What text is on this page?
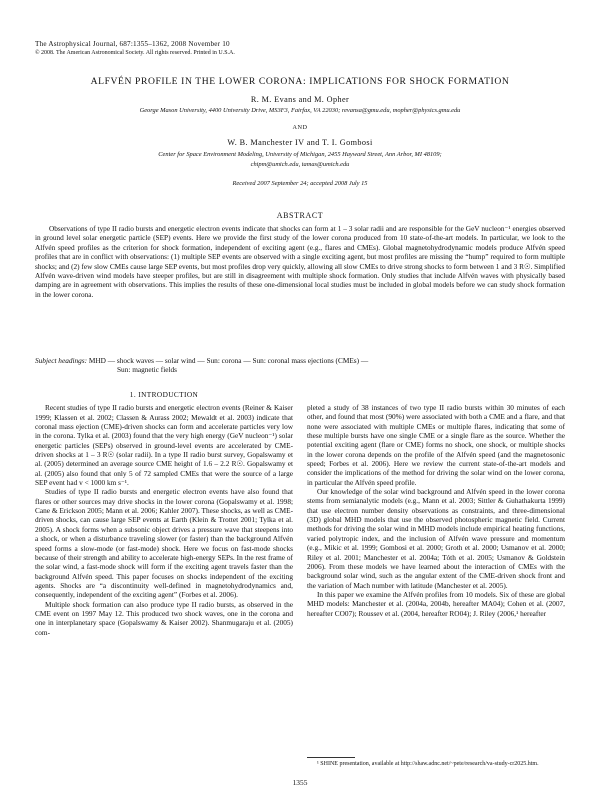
The Astrophysical Journal, 687:1355–1362, 2008 November 10
© 2008. The American Astronomical Society. All rights reserved. Printed in U.S.A.
ALFVÉN PROFILE IN THE LOWER CORONA: IMPLICATIONS FOR SHOCK FORMATION
R. M. Evans and M. Opher
George Mason University, 4400 University Drive, MS3F3, Fairfax, VA 22030; revansa@gmu.edu, mopher@physics.gmu.edu
AND
W. B. Manchester IV and T. I. Gombosi
Center for Space Environment Modeling, University of Michigan, 2455 Hayward Street, Ann Arbor, MI 48109;
chipm@umich.edu, tamas@umich.edu
Received 2007 September 24; accepted 2008 July 15
ABSTRACT
Observations of type II radio bursts and energetic electron events indicate that shocks can form at 1 – 3 solar radii and are responsible for the GeV nucleon⁻¹ energies observed in ground level solar energetic particle (SEP) events. Here we provide the first study of the lower corona produced from 10 state-of-the-art models. In particular, we look to the Alfvén speed profiles as the criterion for shock formation, independent of exciting agent (e.g., flares and CMEs). Global magnetohydrodynamic models produce Alfvén speed profiles that are in conflict with observations: (1) multiple SEP events are observed with a single exciting agent, but most profiles are missing the “hump” required to form multiple shocks; and (2) few slow CMEs cause large SEP events, but most profiles drop very quickly, allowing all slow CMEs to drive strong shocks to form between 1 and 3 R☉. Simplified Alfvén wave-driven wind models have steeper profiles, but are still in disagreement with multiple shock formation. Only studies that include Alfvén waves with physically based damping are in agreement with observations. This implies the results of these one-dimensional local studies must be included in global models before we can study shock formation in the lower corona.
Subject headings: MHD — shock waves — solar wind — Sun: corona — Sun: coronal mass ejections (CMEs) —
Sun: magnetic fields
1. INTRODUCTION

Recent studies of type II radio bursts and energetic electron events (Reiner & Kaiser 1999; Klassen et al. 2002; Classen & Aurass 2002; Mewaldt et al. 2003) indicate that coronal mass ejection (CME)-driven shocks can form and accelerate particles very low in the corona. Tylka et al. (2003) found that the very high energy (GeV nucleon⁻¹) solar energetic particles (SEPs) observed in ground-level events are accelerated by CME-driven shocks at 1 – 3 R☉ (solar radii). In a type II radio burst survey, Gopalswamy et al. (2005) determined an average source CME height of 1.6 – 2.2 R☉. Gopalswamy et al. (2005) also found that only 5 of 72 sampled CMEs that were the source of a large SEP event had v < 1000 km s⁻¹.

Studies of type II radio bursts and energetic electron events have also found that flares or other sources may drive shocks in the lower corona (Gopalswamy et al. 1998; Cane & Erickson 2005; Mann et al. 2006; Kahler 2007). These shocks, as well as CME-driven shocks, can cause large SEP events at Earth (Klein & Trottet 2001; Tylka et al. 2005). A shock forms when a subsonic object drives a pressure wave that steepens into a shock, or when a disturbance traveling slower (or faster) than the background Alfvén speed forms a slow-mode (or fast-mode) shock. Here we focus on fast-mode shocks because of their strength and ability to accelerate high-energy SEPs. In the rest frame of the solar wind, a fast-mode shock will form if the exciting agent travels faster than the background Alfvén speed. This paper focuses on shocks independent of the exciting agents. Shocks are “a discontinuity well-defined in magnetohydrodynamics and, consequently, independent of the exciting agent” (Forbes et al. 2006).

Multiple shock formation can also produce type II radio bursts, as observed in the CME event on 1997 May 12. This produced two shock waves, one in the corona and one in interplanetary space (Gopalswamy & Kaiser 2002). Shanmugaraju et al. (2005) com-

pleted a study of 38 instances of two type II radio bursts within 30 minutes of each other, and found that most (90%) were associated with both a CME and a flare, and that none were associated with multiple CMEs or multiple flares, indicating that some of these multiple bursts have one single CME or a single flare as the source. Whether the potential exciting agent (flare or CME) forms no shock, one shock, or multiple shocks in the lower corona depends on the profile of the Alfvén speed (and the magnetosonic speed; Forbes et al. 2006). Here we review the current state-of-the-art models and consider the implications of the method for driving the solar wind on the lower corona, in particular the Alfvén speed profile.

Our knowledge of the solar wind background and Alfvén speed in the lower corona stems from semianalytic models (e.g., Mann et al. 2003; Sittler & Guhathakurta 1999) that use electron number density observations as constraints, and three-dimensional (3D) global MHD models that use the observed photospheric magnetic field. Current methods for driving the solar wind in MHD models include empirical heating functions, varied polytropic index, and the inclusion of Alfvén wave pressure and momentum (e.g., Mikic et al. 1999; Gombosi et al. 2000; Groth et al. 2000; Usmanov et al. 2000; Riley et al. 2001; Manchester et al. 2004a; Tóth et al. 2005; Usmanov & Goldstein 2006). From these models we have learned about the interaction of CMEs with the background solar wind, such as the angular extent of the CME-driven shock front and the variation of Mach number with latitude (Manchester et al. 2005).

In this paper we examine the Alfvén profiles from 10 models. Six of these are global MHD models: Manchester et al. (2004a, 2004b, hereafter MA04); Cohen et al. (2007, hereafter CO07); Roussev et al. (2004, hereafter RO04); J. Riley (2006,¹ hereafter

¹ SHINE presentation, available at http://shaw.adnc.net/~pete/research/va-study-cr2025.htm.
1355
